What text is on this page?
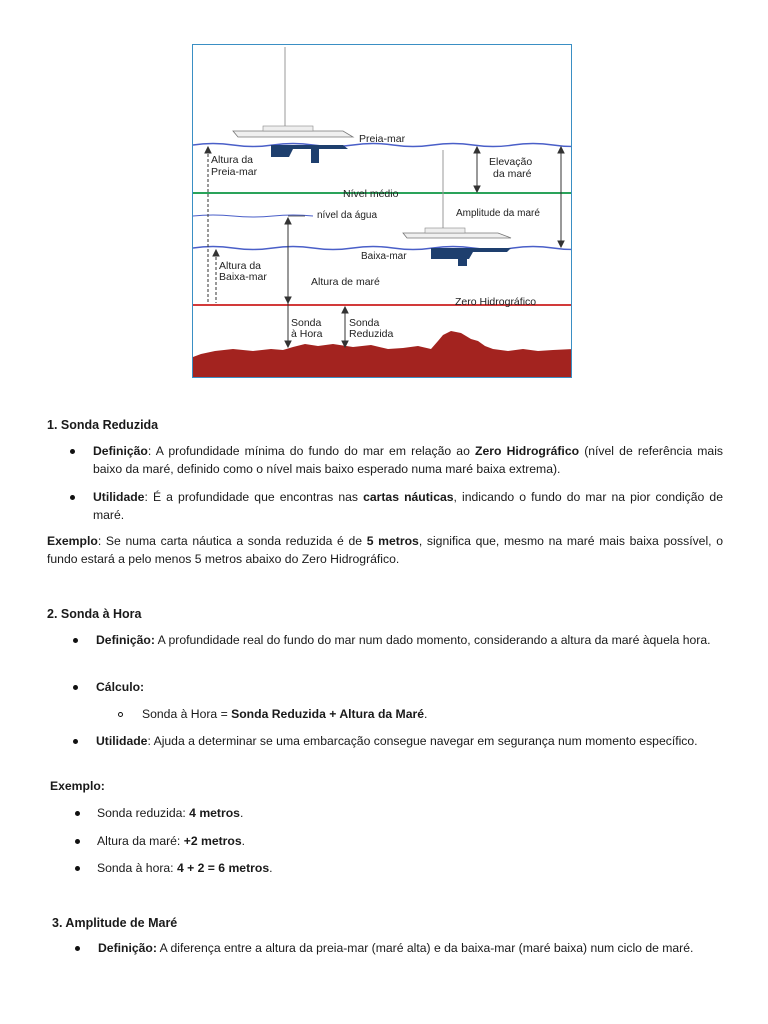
Preia-mar
Altura da
Preia-mar
Elevação
da maré
Nível médio
nível da água	Amplitude da maré
Altura da
Baixa-mar
Baixa-mar
Altura de maré
Zero Hidrográfico
Sonda
à Hora
Sonda
Reduzida
1. Sonda Reduzida
Definição: A profundidade mínima do fundo do mar em relação ao Zero Hidrográfico (nível de referência mais baixo da maré, definido como o nível mais baixo esperado numa maré baixa extrema).
Utilidade: É a profundidade que encontras nas cartas náuticas, indicando o fundo do mar na pior condição de maré.
Exemplo: Se numa carta náutica a sonda reduzida é de 5 metros, significa que, mesmo na maré mais baixa possível, o fundo estará a pelo menos 5 metros abaixo do Zero Hidrográfico.
2. Sonda à Hora
Definição: A profundidade real do fundo do mar num dado momento, considerando a altura da maré àquela hora.
Cálculo:
Sonda à Hora = Sonda Reduzida + Altura da Maré.
Utilidade: Ajuda a determinar se uma embarcação consegue navegar em segurança num momento específico.
Exemplo:
Sonda reduzida: 4 metros.
Altura da maré: +2 metros.
Sonda à hora: 4 + 2 = 6 metros.
3. Amplitude de Maré
Definição: A diferença entre a altura da preia-mar (maré alta) e da baixa-mar (maré baixa) num ciclo de maré.
